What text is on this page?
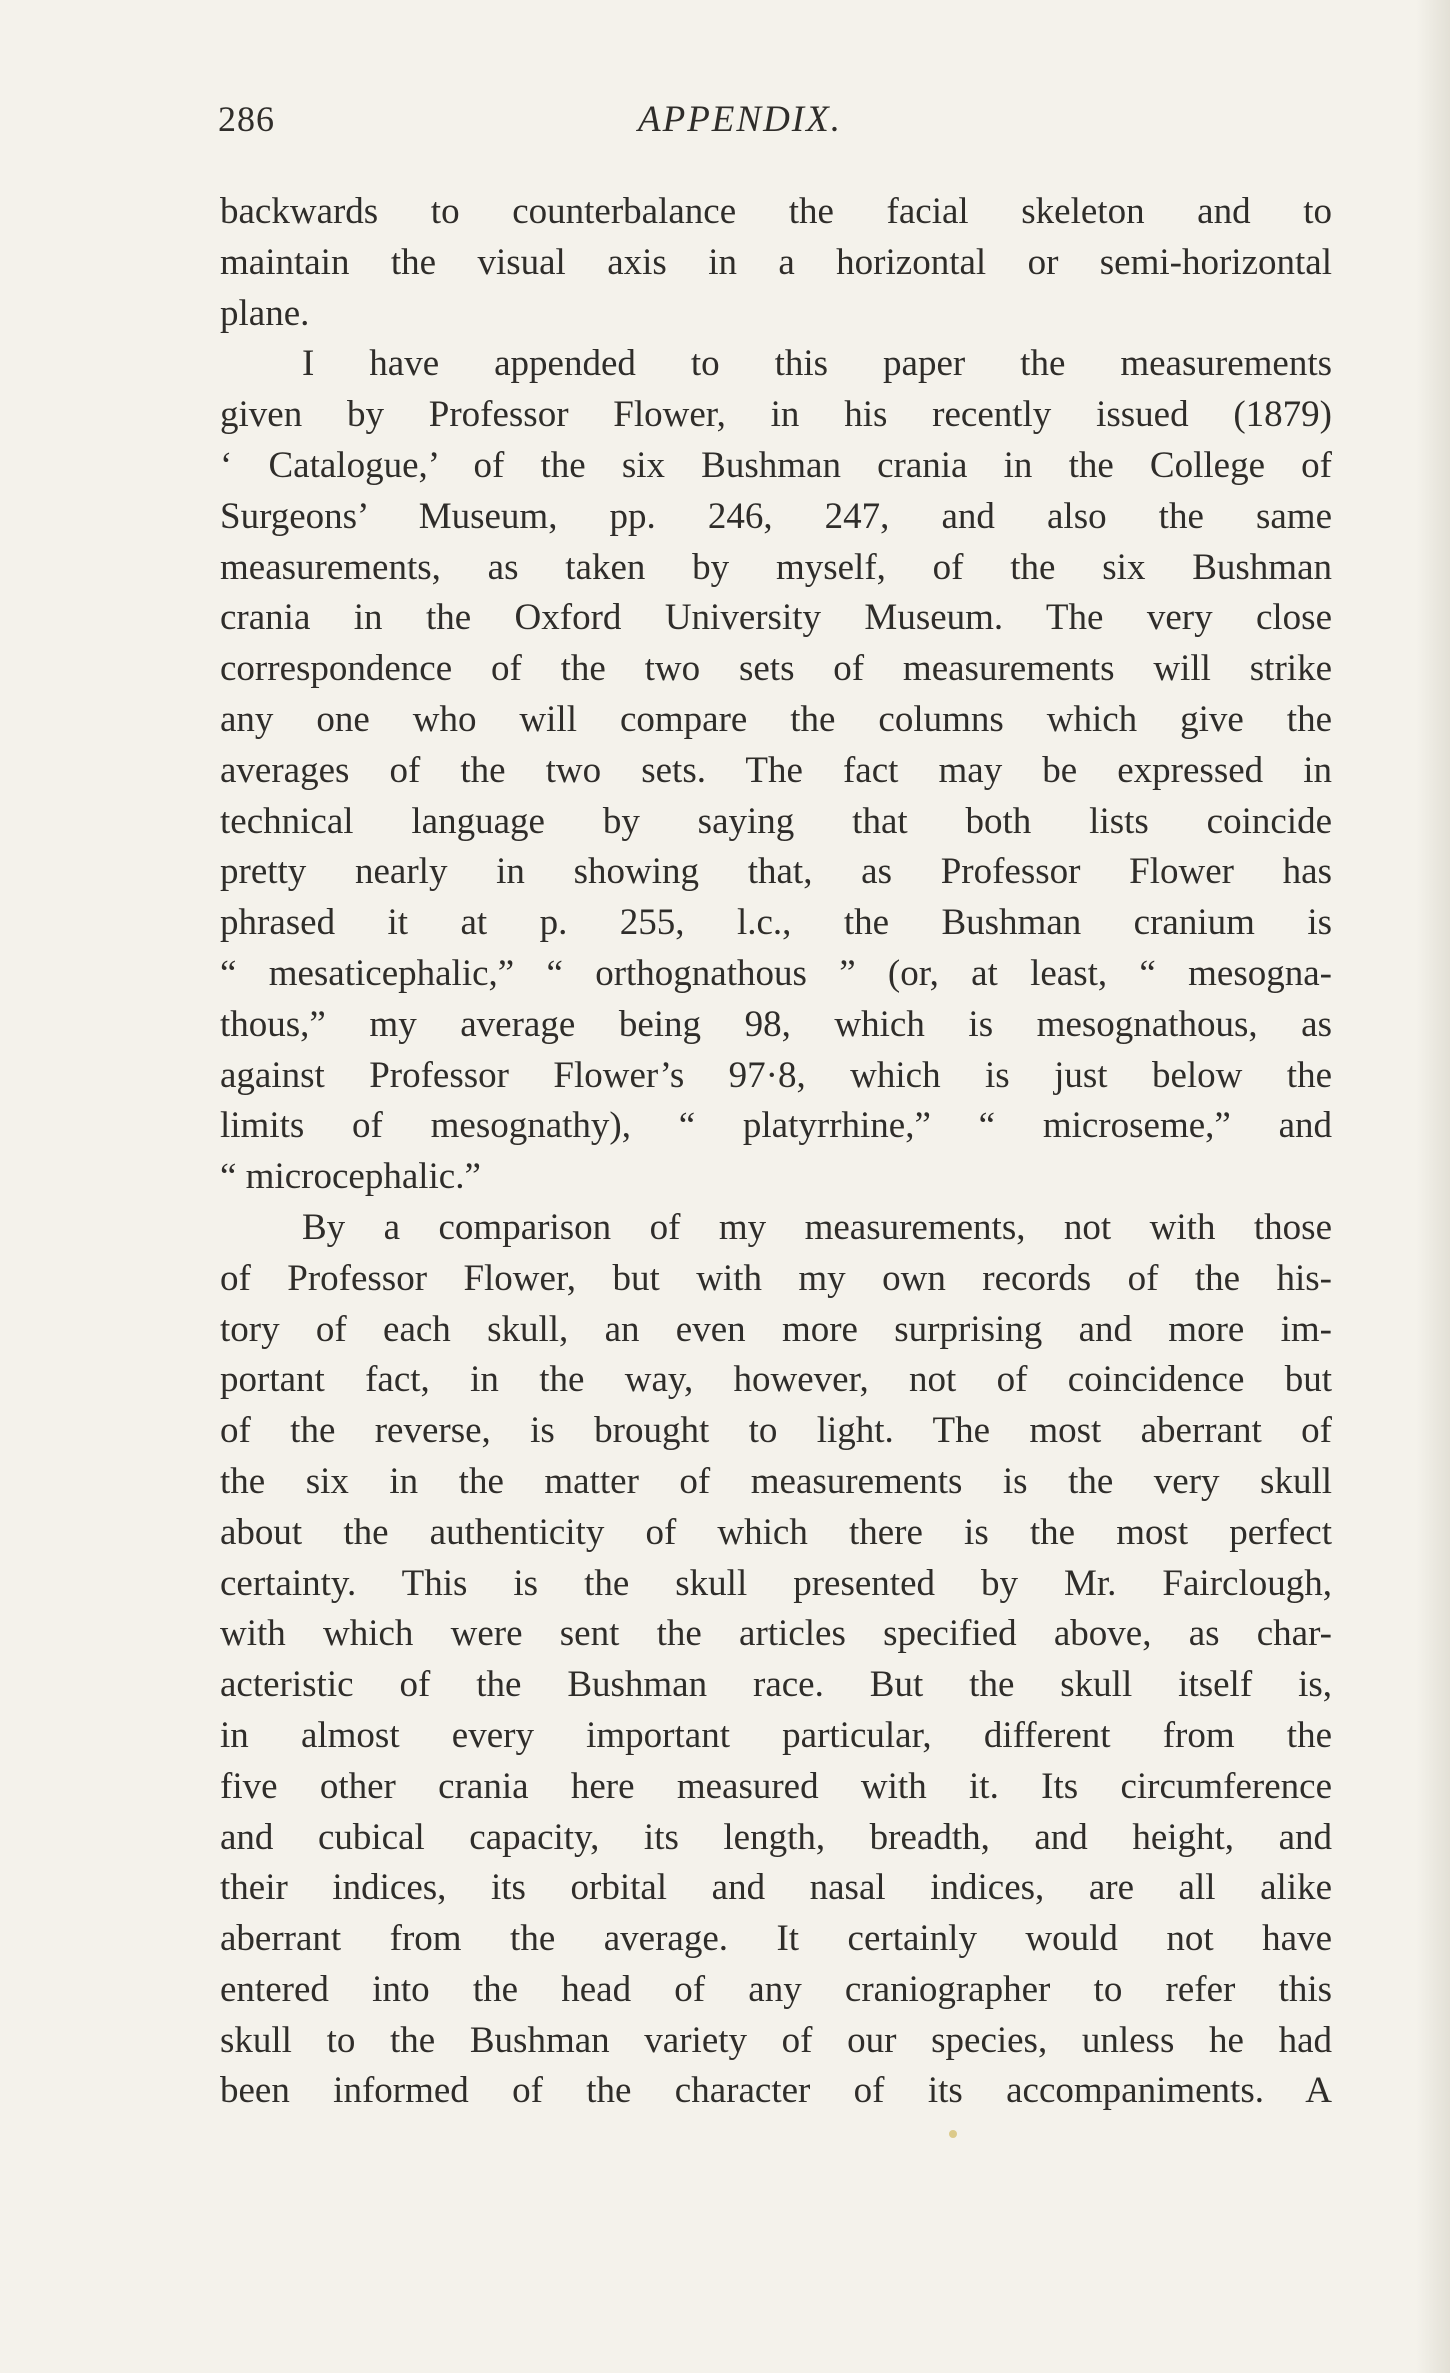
286	APPENDIX.
backwards to counterbalance the facial skeleton and to
maintain the visual axis in a horizontal or semi-horizontal
plane.
I have appended to this paper the measurements
given by Professor Flower, in his recently issued (1879)
‘ Catalogue,’ of the six Bushman crania in the College of
Surgeons’ Museum, pp. 246, 247, and also the same
measurements, as taken by myself, of the six Bushman
crania in the Oxford University Museum. The very close
correspondence of the two sets of measurements will strike
any one who will compare the columns which give the
averages of the two sets. The fact may be expressed in
technical language by saying that both lists coincide
pretty nearly in showing that, as Professor Flower has
phrased it at p. 255, l.c., the Bushman cranium is
“ mesaticephalic,” “ orthognathous ” (or, at least, “ mesogna-
thous,” my average being 98, which is mesognathous, as
against Professor Flower’s 97·8, which is just below the
limits of mesognathy), “ platyrrhine,” “ microseme,” and
“ microcephalic.”
By a comparison of my measurements, not with those
of Professor Flower, but with my own records of the his-
tory of each skull, an even more surprising and more im-
portant fact, in the way, however, not of coincidence but
of the reverse, is brought to light. The most aberrant of
the six in the matter of measurements is the very skull
about the authenticity of which there is the most perfect
certainty. This is the skull presented by Mr. Fairclough,
with which were sent the articles specified above, as char-
acteristic of the Bushman race. But the skull itself is,
in almost every important particular, different from the
five other crania here measured with it. Its circumference
and cubical capacity, its length, breadth, and height, and
their indices, its orbital and nasal indices, are all alike
aberrant from the average. It certainly would not have
entered into the head of any craniographer to refer this
skull to the Bushman variety of our species, unless he had
been informed of the character of its accompaniments. A
